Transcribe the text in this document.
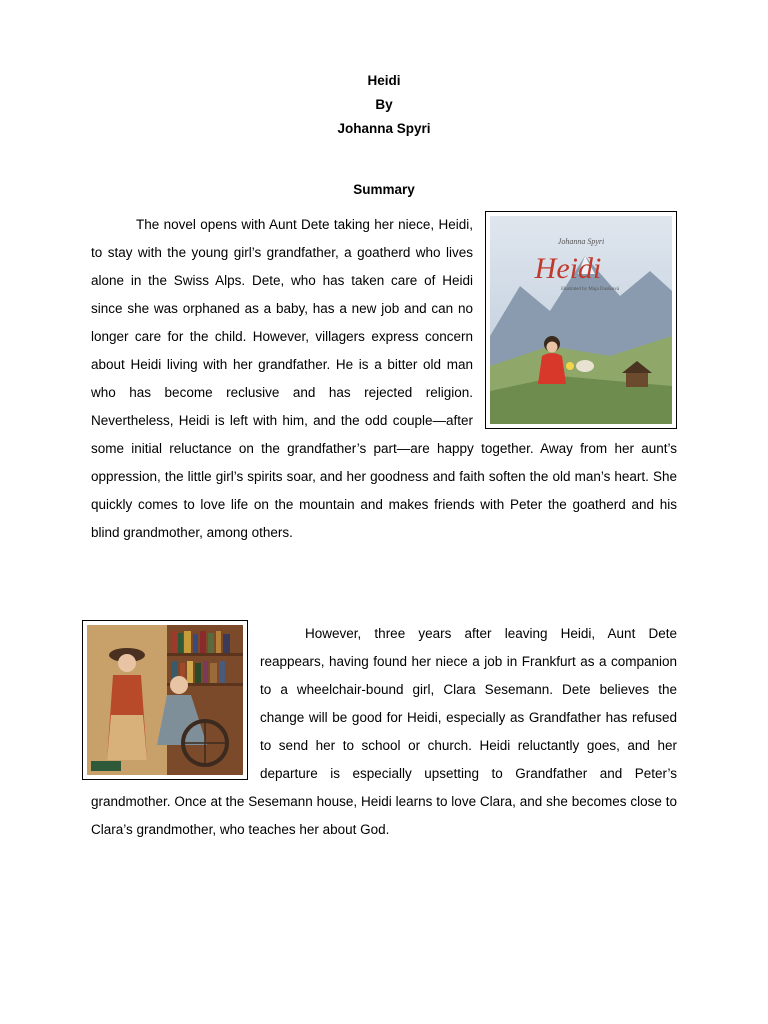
Heidi
By
Johanna Spyri
Summary
Johanna Spyri
Heidi
illustrated by Maja Dusíková
The novel opens with Aunt Dete taking her niece, Heidi, to stay with the young girl’s grandfather, a goatherd who lives alone in the Swiss Alps. Dete, who has taken care of Heidi since she was orphaned as a baby, has a new job and can no longer care for the child. However, villagers express concern about Heidi living with her grandfather. He is a bitter old man who has become reclusive and has rejected religion. Nevertheless, Heidi is left with him, and the odd couple—after some initial reluctance on the grandfather’s part—are happy together. Away from her aunt’s oppression, the little girl’s spirits soar, and her goodness and faith soften the old man’s heart. She quickly comes to love life on the mountain and makes friends with Peter the goatherd and his blind grandmother, among others.
However, three years after leaving Heidi, Aunt Dete reappears, having found her niece a job in Frankfurt as a companion to a wheelchair-bound girl, Clara Sesemann. Dete believes the change will be good for Heidi, especially as Grandfather has refused to send her to school or church. Heidi reluctantly goes, and her departure is especially upsetting to Grandfather and Peter’s grandmother. Once at the Sesemann house, Heidi learns to love Clara, and she becomes close to Clara’s grandmother, who teaches her about God.
